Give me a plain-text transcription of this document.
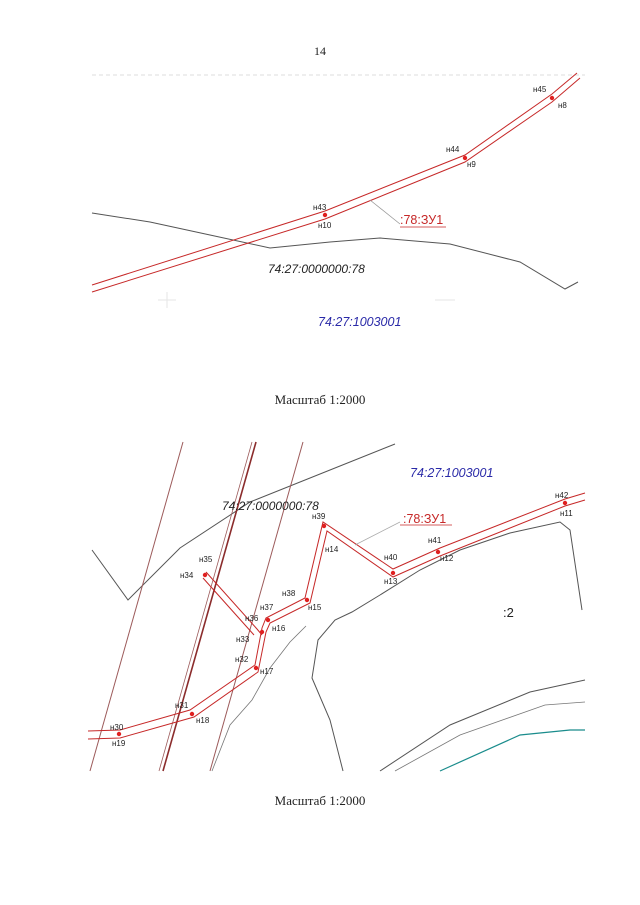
14
н45
н8
н44
н9
н43
н10	:78:ЗУ1
74:27:0000000:78
74:27:1003001
Масштаб 1:2000
н42
н11
н41
н12
н40
н13
н39
н14
н38
н15
н37
н16
н36
н33
н32
н17
н35
н34
н31
н18
н30
н19
74:27:1003001
74:27:0000000:78
:78:ЗУ1
:2
Масштаб 1:2000
